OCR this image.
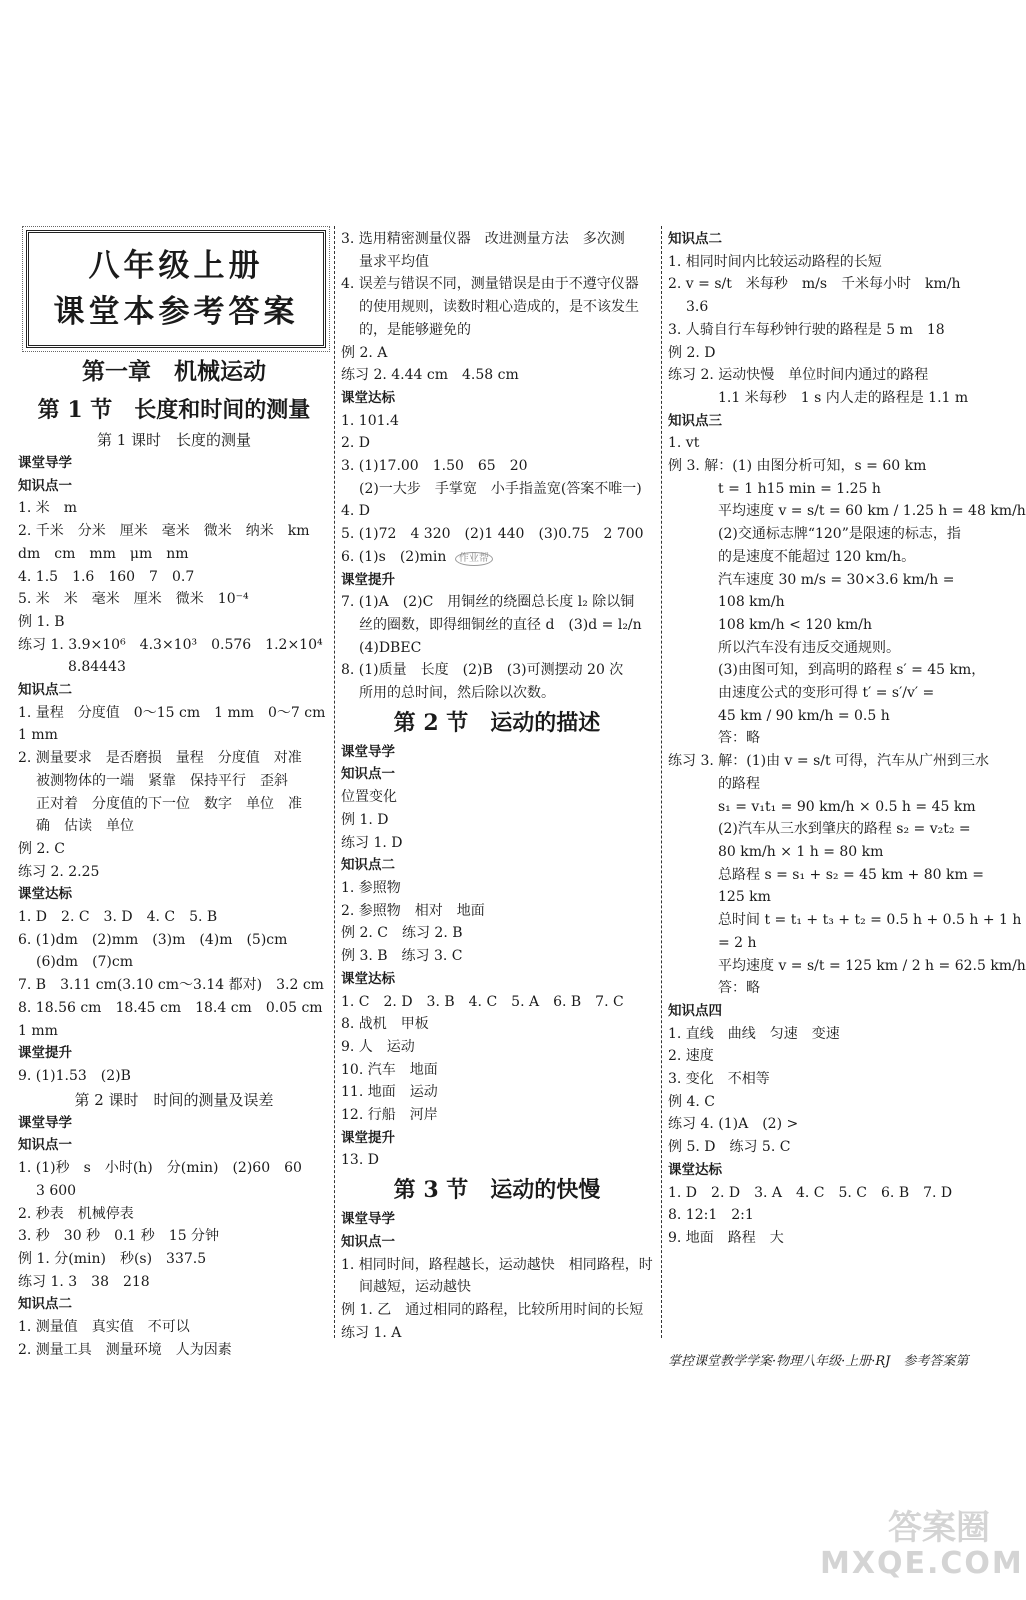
八年级上册
课堂本参考答案
第一章　机械运动
第 1 节　长度和时间的测量
第 1 课时　长度的测量
课堂导学
知识点一
1. 米　m
2. 千米　分米　厘米　毫米　微米　纳米　km
dm　cm　mm　μm　nm
4. 1.5　1.6　160　7　0.7
5. 米　米　毫米　厘米　微米　10⁻⁴
例 1. B
练习 1. 3.9×10⁶　4.3×10³　0.576　1.2×10⁴
8.84443
知识点二
1. 量程　分度值　0～15 cm　1 mm　0～7 cm
1 mm
2. 测量要求　是否磨损　量程　分度值　对准
被测物体的一端　紧靠　保持平行　歪斜
正对着　分度值的下一位　数字　单位　准
确　估读　单位
例 2. C
练习 2. 2.25
课堂达标
1. D　2. C　3. D　4. C　5. B
6. (1)dm　(2)mm　(3)m　(4)m　(5)cm
(6)dm　(7)cm
7. B　3.11 cm(3.10 cm～3.14 都对)　3.2 cm
8. 18.56 cm　18.45 cm　18.4 cm　0.05 cm
1 mm
课堂提升
9. (1)1.53　(2)B
第 2 课时　时间的测量及误差
课堂导学
知识点一
1. (1)秒　s　小时(h)　分(min)　(2)60　60
3 600
2. 秒表　机械停表
3. 秒　30 秒　0.1 秒　15 分钟
例 1. 分(min)　秒(s)　337.5
练习 1. 3　38　218
知识点二
1. 测量值　真实值　不可以
2. 测量工具　测量环境　人为因素
3. 选用精密测量仪器　改进测量方法　多次测
量求平均值
4. 误差与错误不同，测量错误是由于不遵守仪器
的使用规则，读数时粗心造成的，是不该发生
的，是能够避免的
例 2. A
练习 2. 4.44 cm　4.58 cm
课堂达标
1. 101.4
2. D
3. (1)17.00　1.50　65　20
(2)一大步　手掌宽　小手指盖宽(答案不唯一)
4. D
5. (1)72　4 320　(2)1 440　(3)0.75　2 700
6. (1)s　(2)min 作业帮
课堂提升
7. (1)A　(2)C　用铜丝的绕圈总长度 l₂ 除以铜
丝的圈数，即得细铜丝的直径 d　(3)d = l₂/n
(4)DBEC
8. (1)质量　长度　(2)B　(3)可测摆动 20 次
所用的总时间，然后除以次数。
第 2 节　运动的描述
课堂导学
知识点一
位置变化
例 1. D
练习 1. D
知识点二
1. 参照物
2. 参照物　相对　地面
例 2. C　练习 2. B
例 3. B　练习 3. C
课堂达标
1. C　2. D　3. B　4. C　5. A　6. B　7. C
8. 战机　甲板
9. 人　运动
10. 汽车　地面
11. 地面　运动
12. 行船　河岸
课堂提升
13. D
第 3 节　运动的快慢
课堂导学
知识点一
1. 相同时间，路程越长，运动越快　相同路程，时
间越短，运动越快
例 1. 乙　通过相同的路程，比较所用时间的长短
练习 1. A
知识点二
1. 相同时间内比较运动路程的长短
2. v = s/t　米每秒　m/s　千米每小时　km/h
3.6
3. 人骑自行车每秒钟行驶的路程是 5 m　18
例 2. D
练习 2. 运动快慢　单位时间内通过的路程
1.1 米每秒　1 s 内人走的路程是 1.1 m
知识点三
1. vt
例 3. 解：(1) 由图分析可知，s = 60 km
t = 1 h15 min = 1.25 h
平均速度 v = s/t = 60 km / 1.25 h = 48 km/h
(2)交通标志牌“120”是限速的标志，指
的是速度不能超过 120 km/h。
汽车速度 30 m/s = 30×3.6 km/h =
108 km/h
108 km/h < 120 km/h
所以汽车没有违反交通规则。
(3)由图可知，到高明的路程 s′ = 45 km，
由速度公式的变形可得 t′ = s′/v′ =
45 km / 90 km/h = 0.5 h
答：略
练习 3. 解：(1)由 v = s/t 可得，汽车从广州到三水
的路程
s₁ = v₁t₁ = 90 km/h × 0.5 h = 45 km
(2)汽车从三水到肇庆的路程 s₂ = v₂t₂ =
80 km/h × 1 h = 80 km
总路程 s = s₁ + s₂ = 45 km + 80 km =
125 km
总时间 t = t₁ + t₃ + t₂ = 0.5 h + 0.5 h + 1 h
= 2 h
平均速度 v = s/t = 125 km / 2 h = 62.5 km/h
答：略
知识点四
1. 直线　曲线　匀速　变速
2. 速度
3. 变化　不相等
例 4. C
练习 4. (1)A　(2) >
例 5. D　练习 5. C
课堂达标
1. D　2. D　3. A　4. C　5. C　6. B　7. D
8. 12:1　2:1
9. 地面　路程　大
掌控课堂教学学案·物理八年级·上册·RJ　参考答案第
答案圈
MXQE.COM
